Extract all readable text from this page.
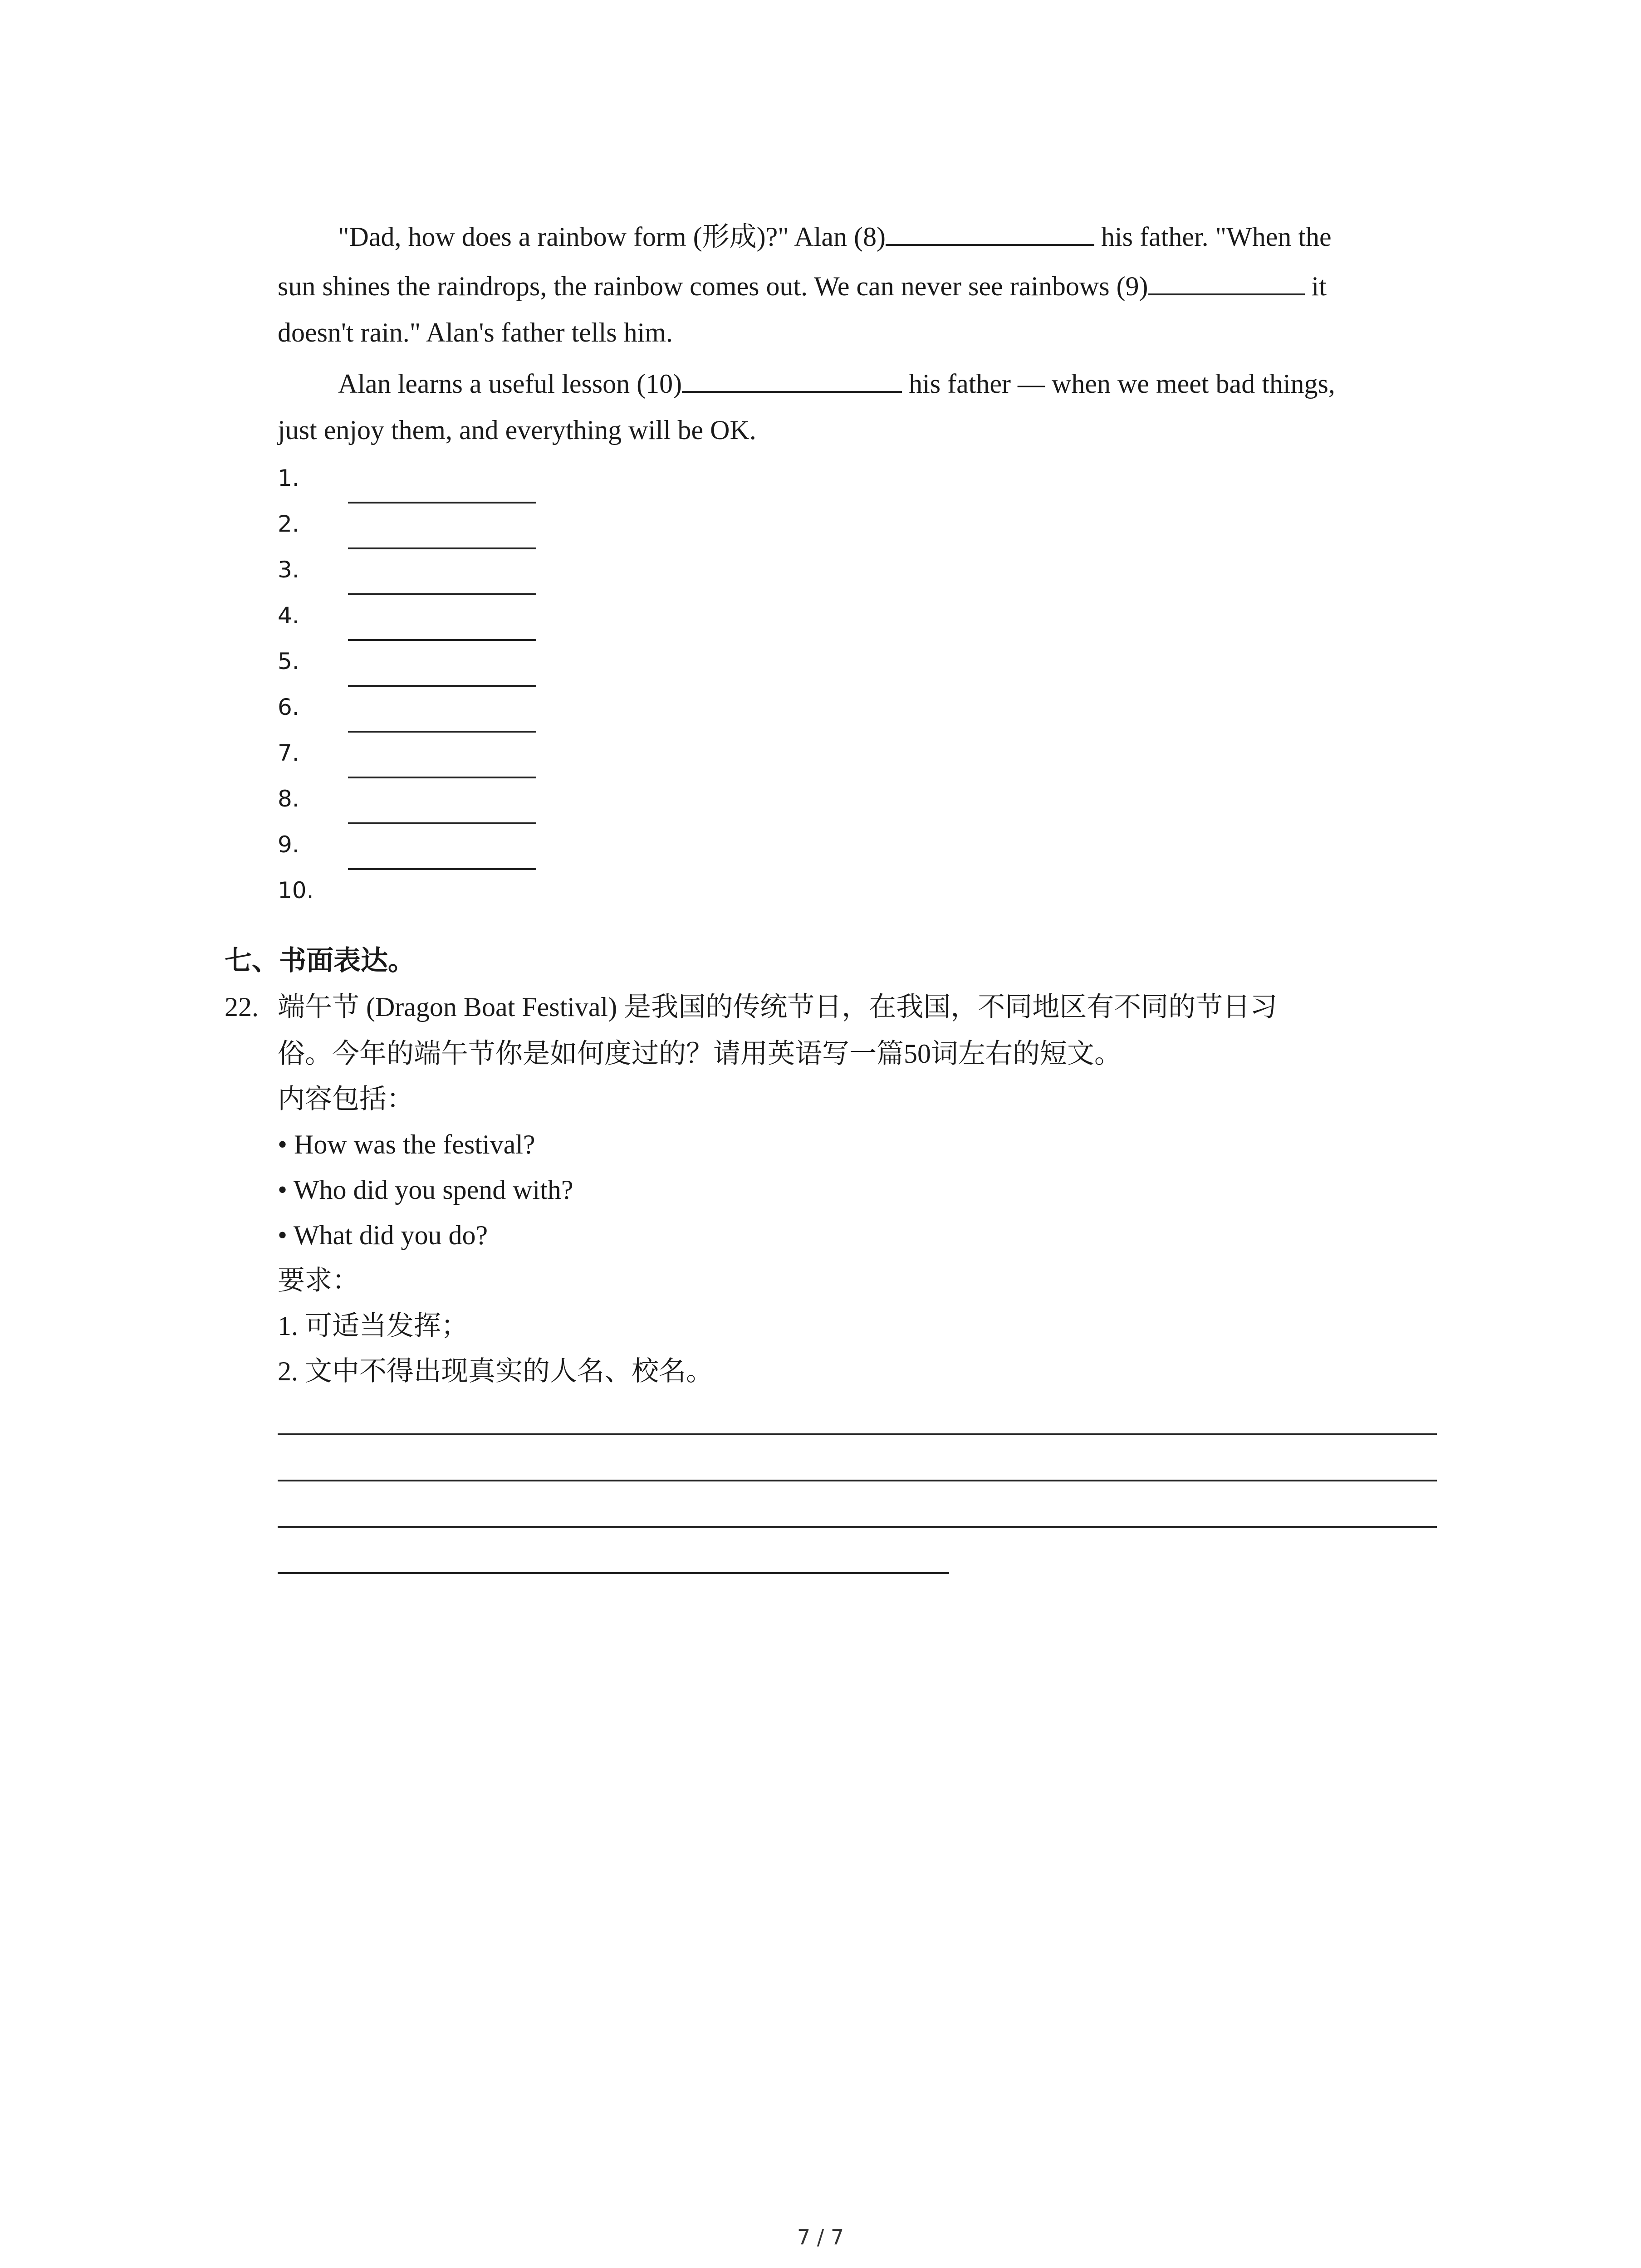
"Dad, how does a rainbow form (形成)?" Alan (8)	his father. "When the
sun shines the raindrops, the rainbow comes out. We can never see rainbows (9)	it
doesn't rain." Alan's father tells him.
Alan learns a useful lesson (10)	his father — when we meet bad things,
just enjoy them, and everything will be OK.
1.
2.
3.
4.
5.
6.
7.
8.
9.
10.
七、书面表达。
22. 端午节 (Dragon Boat Festival) 是我国的传统节日，在我国，不同地区有不同的节日习
俗。今年的端午节你是如何度过的？请用英语写一篇50词左右的短文。
内容包括：
• How was the festival?
• Who did you spend with?
• What did you do?
要求：
1. 可适当发挥；
2. 文中不得出现真实的人名、校名。
7 / 7
